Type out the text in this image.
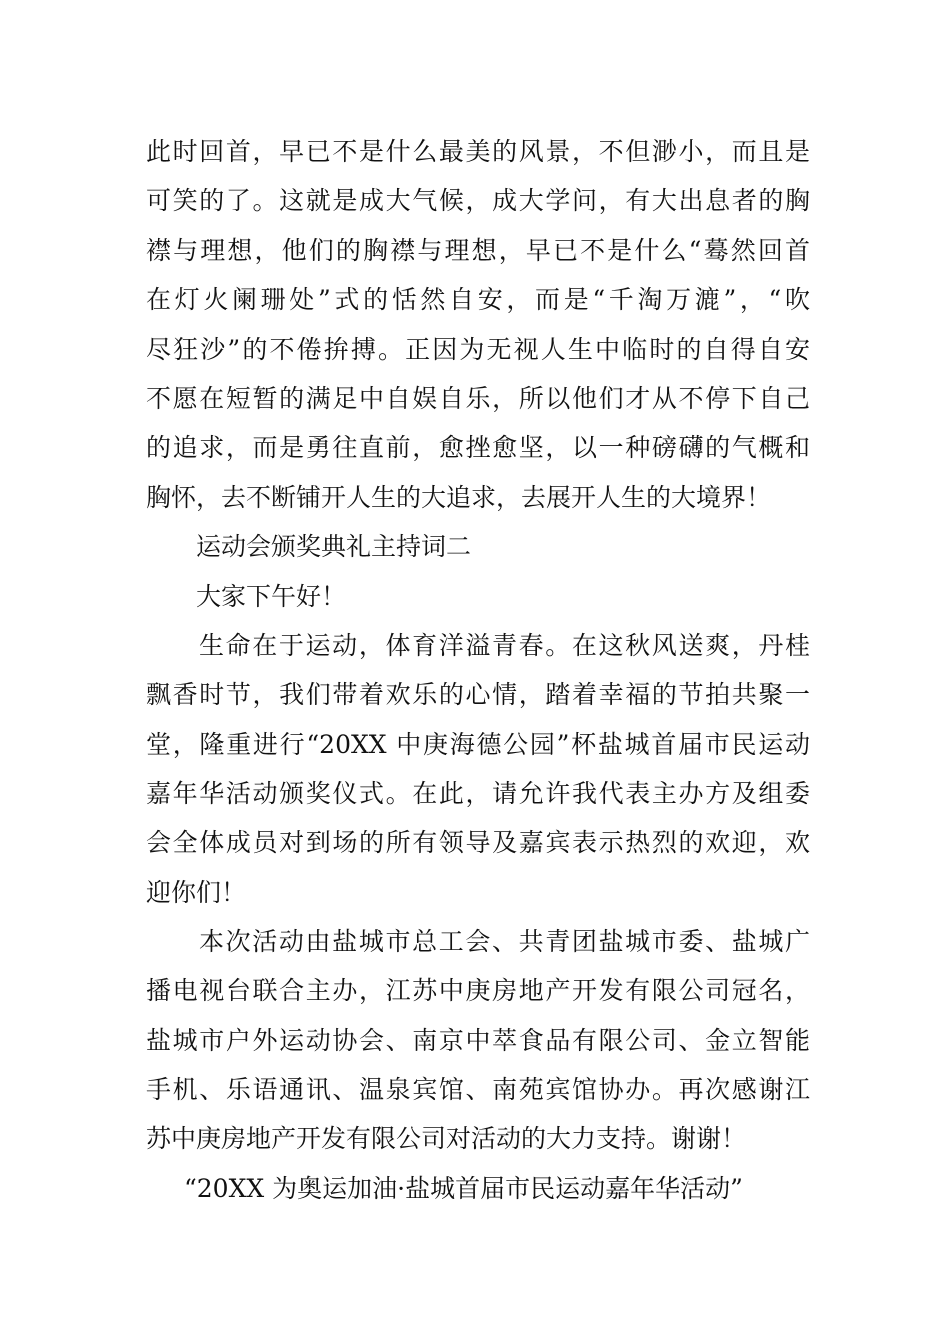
此时回首，早已不是什么最美的风景，不但渺小，而且是
可笑的了。这就是成大气候，成大学问，有大出息者的胸
襟与理想，他们的胸襟与理想，早已不是什么“蓦然回首
在灯火阑珊处”式的恬然自安，而是“千淘万漉”，“吹
尽狂沙”的不倦拚搏。正因为无视人生中临时的自得自安
不愿在短暂的满足中自娱自乐，所以他们才从不停下自己
的追求，而是勇往直前，愈挫愈坚，以一种磅礴的气概和
胸怀，去不断铺开人生的大追求，去展开人生的大境界！
运动会颁奖典礼主持词二
大家下午好！
生命在于运动，体育洋溢青春。在这秋风送爽，丹桂
飘香时节，我们带着欢乐的心情，踏着幸福的节拍共聚一
堂，隆重进行“20XX 中庚海德公园”杯盐城首届市民运动
嘉年华活动颁奖仪式。在此，请允许我代表主办方及组委
会全体成员对到场的所有领导及嘉宾表示热烈的欢迎，欢
迎你们！
本次活动由盐城市总工会、共青团盐城市委、盐城广
播电视台联合主办，江苏中庚房地产开发有限公司冠名，
盐城市户外运动协会、南京中萃食品有限公司、金立智能
手机、乐语通讯、温泉宾馆、南苑宾馆协办。再次感谢江
苏中庚房地产开发有限公司对活动的大力支持。谢谢！
“20XX 为奥运加油·盐城首届市民运动嘉年华活动”
